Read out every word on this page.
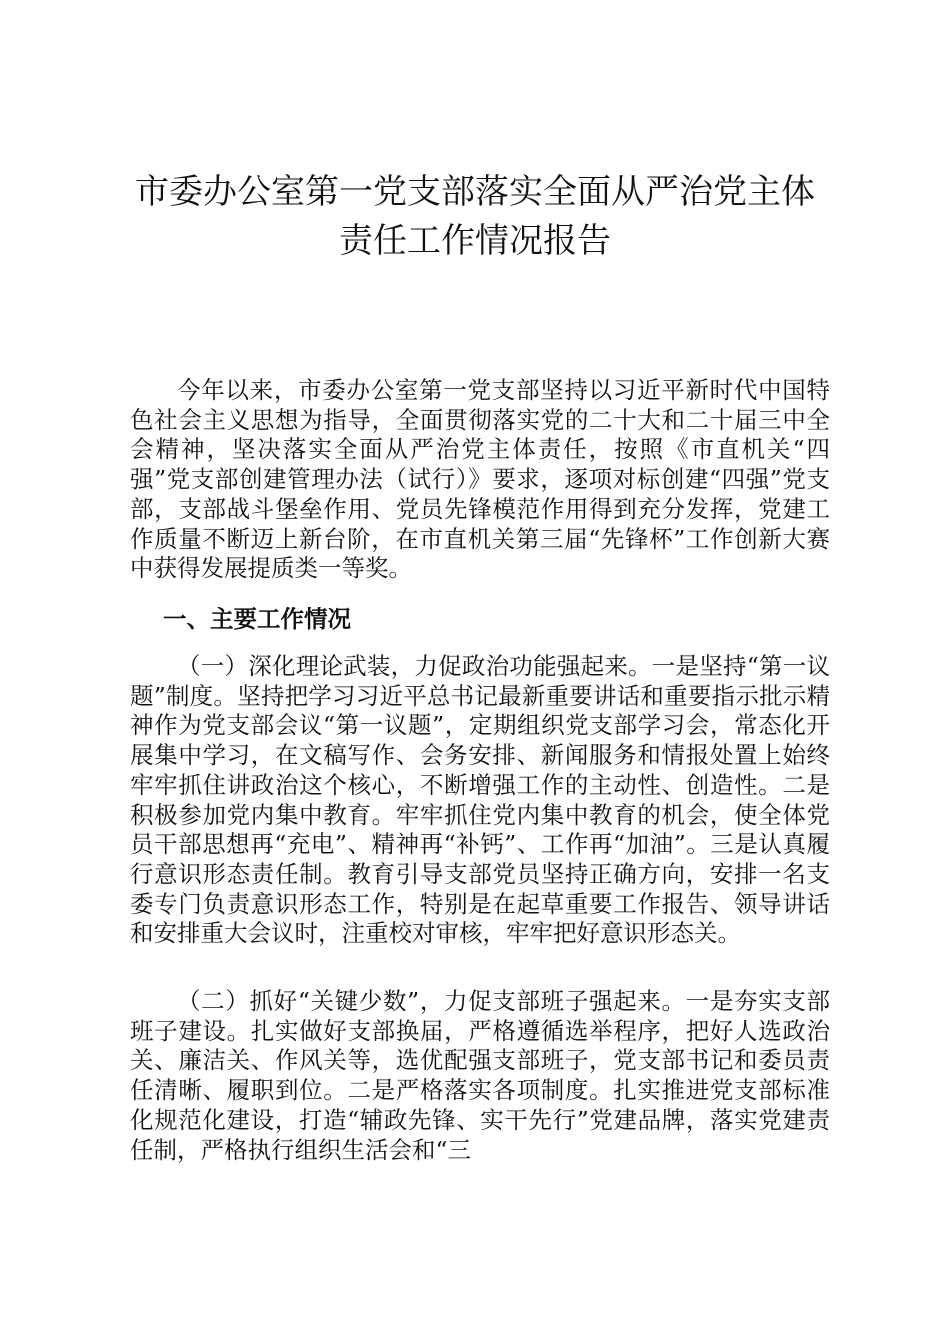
市委办公室第一党支部落实全面从严治党主体
责任工作情况报告

今年以来，市委办公室第一党支部坚持以习近平新时代中国特色社会主义思想为指导，全面贯彻落实党的二十大和二十届三中全会精神，坚决落实全面从严治党主体责任，按照《市直机关“四强”党支部创建管理办法（试行）》要求，逐项对标创建“四强”党支部，支部战斗堡垒作用、党员先锋模范作用得到充分发挥，党建工作质量不断迈上新台阶，在市直机关第三届“先锋杯”工作创新大赛中获得发展提质类一等奖。

一、主要工作情况

（一）深化理论武装，力促政治功能强起来。一是坚持“第一议题”制度。坚持把学习习近平总书记最新重要讲话和重要指示批示精神作为党支部会议“第一议题”，定期组织党支部学习会，常态化开展集中学习，在文稿写作、会务安排、新闻服务和情报处置上始终牢牢抓住讲政治这个核心，不断增强工作的主动性、创造性。二是积极参加党内集中教育。牢牢抓住党内集中教育的机会，使全体党员干部思想再“充电”、精神再“补钙”、工作再“加油”。三是认真履行意识形态责任制。教育引导支部党员坚持正确方向，安排一名支委专门负责意识形态工作，特别是在起草重要工作报告、领导讲话和安排重大会议时，注重校对审核，牢牢把好意识形态关。

（二）抓好“关键少数”，力促支部班子强起来。一是夯实支部班子建设。扎实做好支部换届，严格遵循选举程序，把好人选政治关、廉洁关、作风关等，选优配强支部班子，党支部书记和委员责任清晰、履职到位。二是严格落实各项制度。扎实推进党支部标准化规范化建设，打造“辅政先锋、实干先行”党建品牌，落实党建责任制，严格执行组织生活会和“三
